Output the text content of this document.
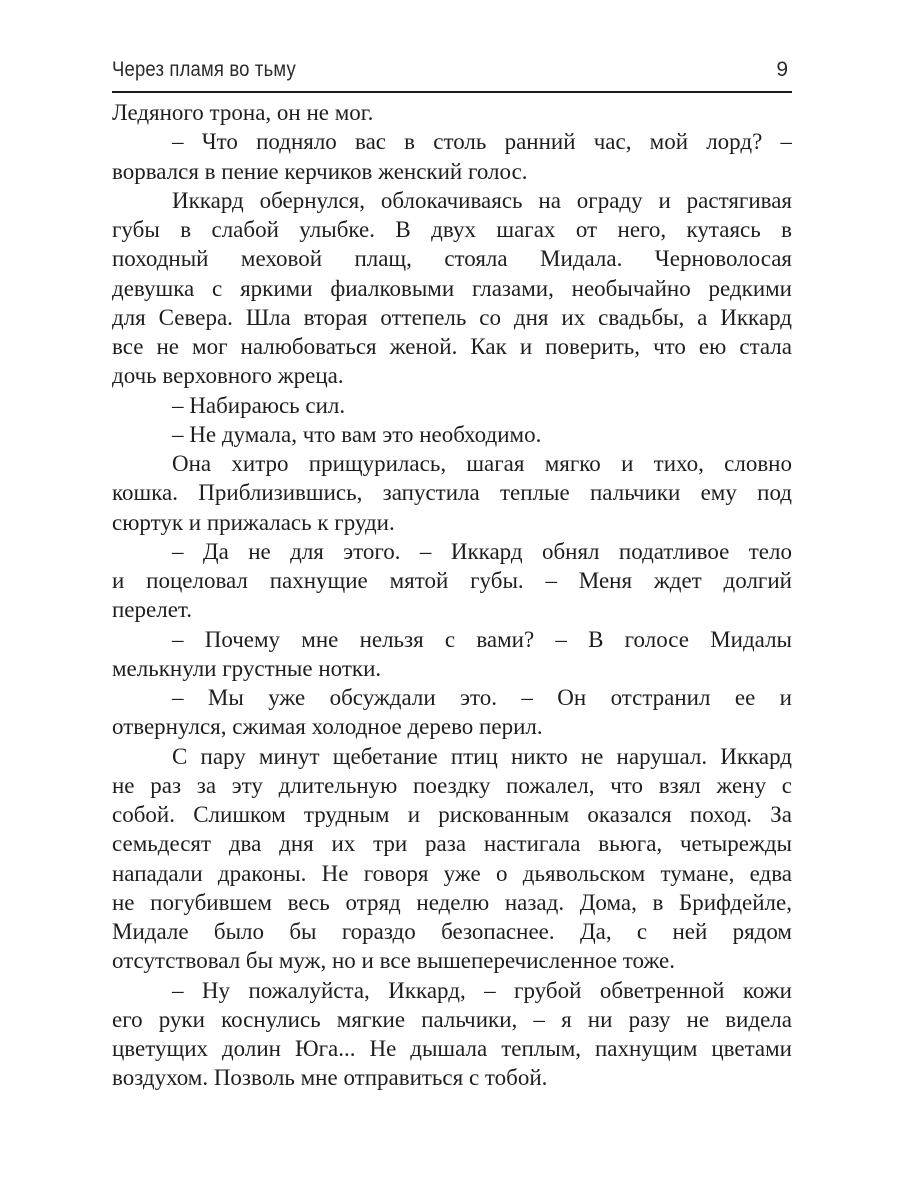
Через пламя во тьму	9
Ледяного трона, он не мог.
– Что подняло вас в столь ранний час, мой лорд? –
ворвался в пение керчиков женский голос.
Иккард обернулся, облокачиваясь на ограду и растягивая
губы в слабой улыбке. В двух шагах от него, кутаясь в
походный меховой плащ, стояла Мидала. Черноволосая
девушка с яркими фиалковыми глазами, необычайно редкими
для Севера. Шла вторая оттепель со дня их свадьбы, а Иккард
все не мог налюбоваться женой. Как и поверить, что ею стала
дочь верховного жреца.
– Набираюсь сил.
– Не думала, что вам это необходимо.
Она хитро прищурилась, шагая мягко и тихо, словно
кошка. Приблизившись, запустила теплые пальчики ему под
сюртук и прижалась к груди.
– Да не для этого. – Иккард обнял податливое тело
и поцеловал пахнущие мятой губы. – Меня ждет долгий
перелет.
– Почему мне нельзя с вами? – В голосе Мидалы
мелькнули грустные нотки.
– Мы уже обсуждали это. – Он отстранил ее и
отвернулся, сжимая холодное дерево перил.
С пару минут щебетание птиц никто не нарушал. Иккард
не раз за эту длительную поездку пожалел, что взял жену с
собой. Слишком трудным и рискованным оказался поход. За
семьдесят два дня их три раза настигала вьюга, четырежды
нападали драконы. Не говоря уже о дьявольском тумане, едва
не погубившем весь отряд неделю назад. Дома, в Брифдейле,
Мидале было бы гораздо безопаснее. Да, с ней рядом
отсутствовал бы муж, но и все вышеперечисленное тоже.
– Ну пожалуйста, Иккард, – грубой обветренной кожи
его руки коснулись мягкие пальчики, – я ни разу не видела
цветущих долин Юга... Не дышала теплым, пахнущим цветами
воздухом. Позволь мне отправиться с тобой.
